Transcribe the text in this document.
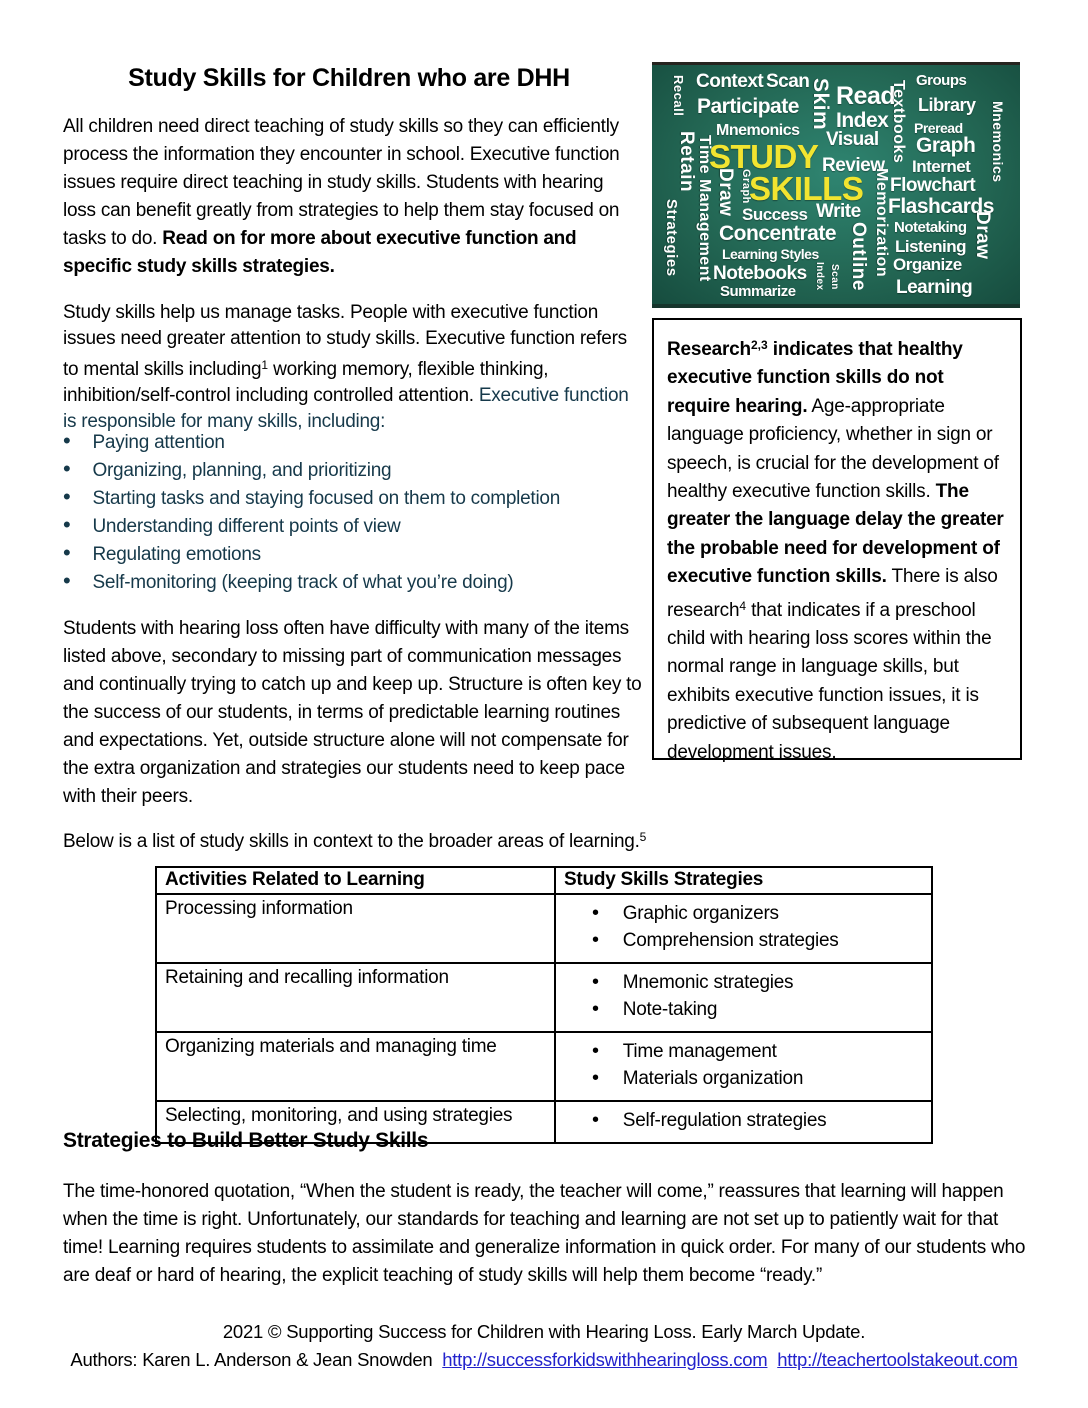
Study Skills for Children who are DHH

All children need direct teaching of study skills so they can efficiently process the information they encounter in school. Executive function issues require direct teaching in study skills. Students with hearing loss can benefit greatly from strategies to help them stay focused on tasks to do. Read on for more about executive function and specific study skills strategies.

Recall Context Scan Skim Read
Textbooks Groups
Library Mnemonics
Participate
Mnemonics Index Preread
Visual Graph
STUDY Review Internet
Retain Time Management Draw Graph
SKILLS Memorization Flowchart
Flashcards
Success Write
Notetaking
Concentrate Outline Listening Draw
Learning Styles
Organize
Notebooks Index Scan
Summarize	Learning
Strategies

Study skills help us manage tasks. People with executive function issues need greater attention to study skills. Executive function refers to mental skills including$^1$ working memory, flexible thinking, inhibition/self-control including controlled attention. Executive function is responsible for many skills, including:

• Paying attention
• Organizing, planning, and prioritizing
• Starting tasks and staying focused on them to completion
• Understanding different points of view
• Regulating emotions
• Self-monitoring (keeping track of what you’re doing)
Research$^{2,3}$ indicates that healthy executive function skills do not require hearing. Age-appropriate language proficiency, whether in sign or speech, is crucial for the development of healthy executive function skills. The greater the language delay the greater the probable need for development of executive function skills. There is also research$^4$ that indicates if a preschool child with hearing loss scores within the normal range in language skills, but exhibits executive function issues, it is predictive of subsequent language development issues.

Students with hearing loss often have difficulty with many of the items listed above, secondary to missing part of communication messages and continually trying to catch up and keep up. Structure is often key to the success of our students, in terms of predictable learning routines and expectations. Yet, outside structure alone will not compensate for the extra organization and strategies our students need to keep pace with their peers.

Below is a list of study skills in context to the broader areas of learning.$^5$

Activities Related to Learning	Study Skills Strategies
Processing information	
•Graphic organizers
• Comprehension strategies

Retaining and recalling information	
•Mnemonic strategies
• Note-taking

Organizing materials and managing time	
•Time management
• Materials organization

Selecting, monitoring, and using strategies	
•Self-regulation strategies
Strategies to Build Better Study Skills

The time-honored quotation, “When the student is ready, the teacher will come,” reassures that learning will happen when the time is right. Unfortunately, our standards for teaching and learning are not set up to patiently wait for that time! Learning requires students to assimilate and generalize information in quick order. For many of our students who are deaf or hard of hearing, the explicit teaching of study skills will help them become “ready.”

2021 © Supporting Success for Children with Hearing Loss. Early March Update.
Authors: Karen L. Anderson & Jean Snowden http://successforkidswithhearingloss.com http://teachertoolstakeout.com
